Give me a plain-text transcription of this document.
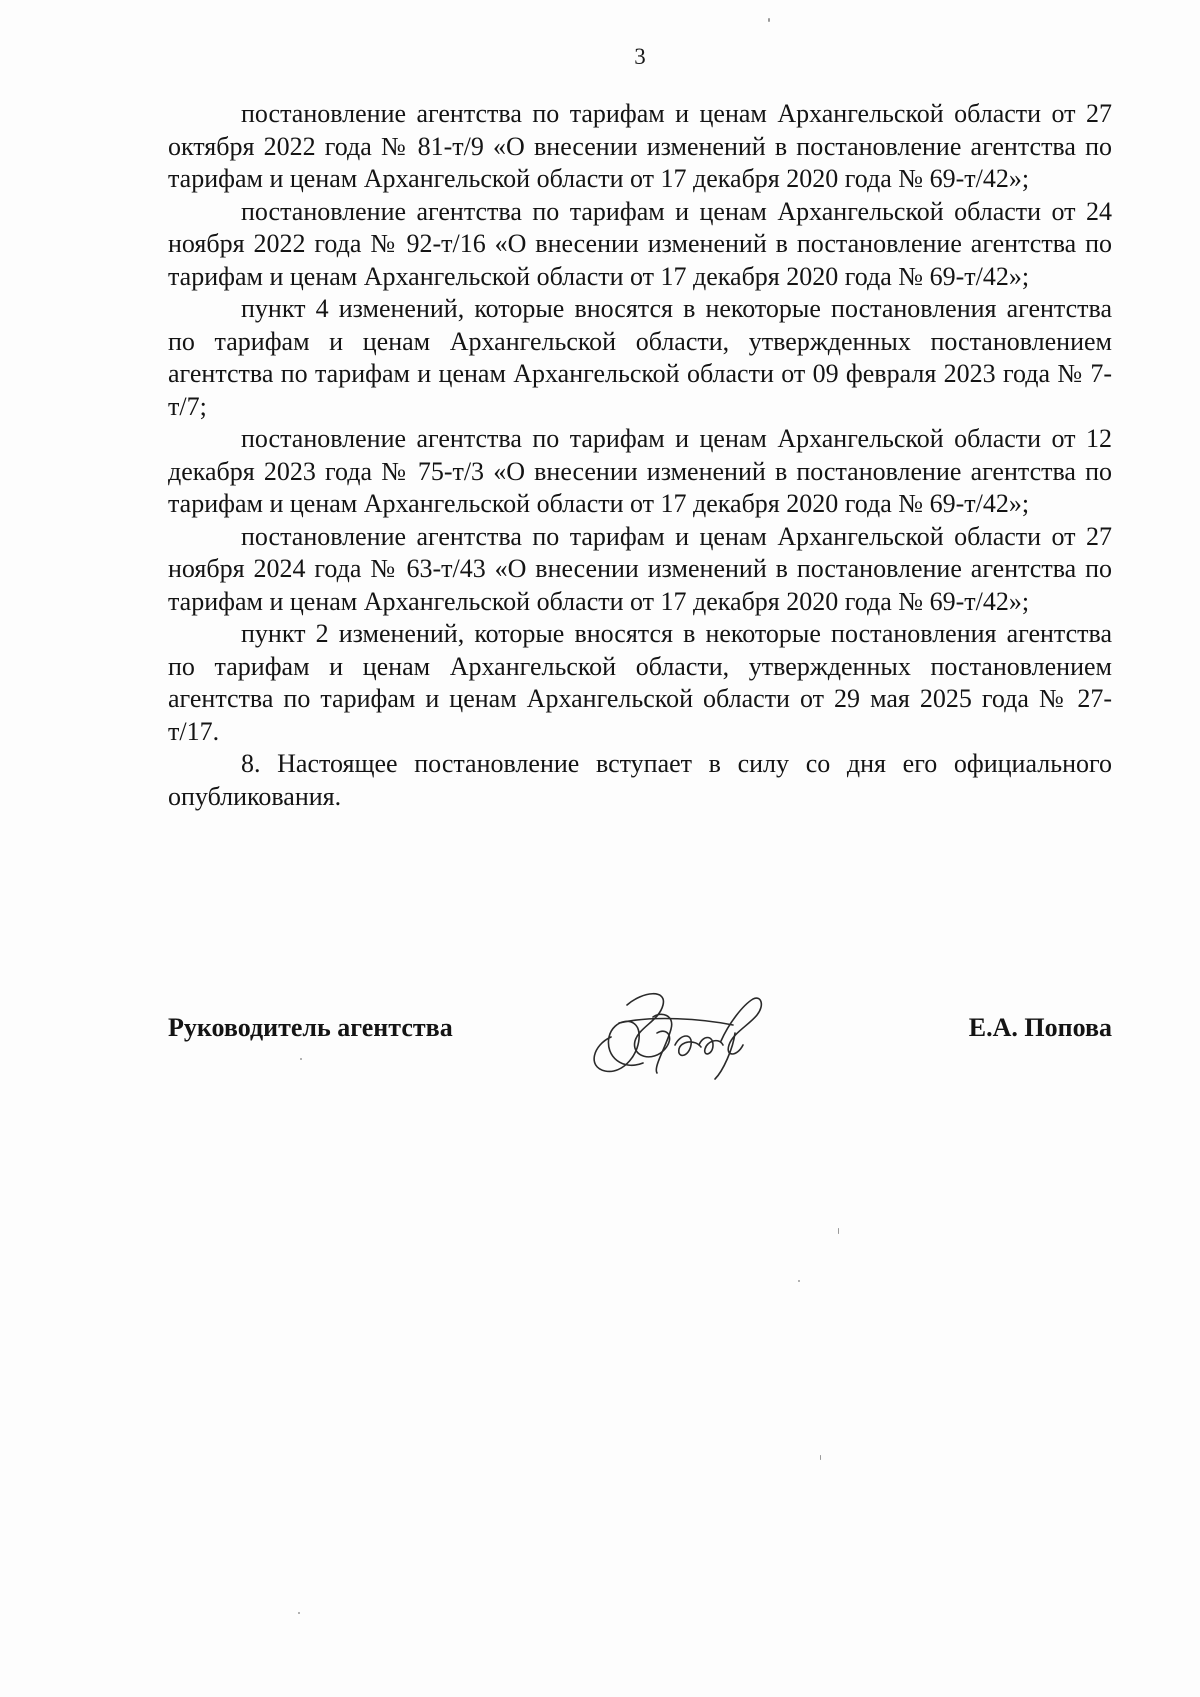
3

постановление агентства по тарифам и ценам Архангельской области от 27 октября 2022 года № 81-т/9 «О внесении изменений в постановление агентства по тарифам и ценам Архангельской области от 17 декабря 2020 года № 69-т/42»;

постановление агентства по тарифам и ценам Архангельской области от 24 ноября 2022 года № 92-т/16 «О внесении изменений в постановление агентства по тарифам и ценам Архангельской области от 17 декабря 2020 года № 69-т/42»;

пункт 4 изменений, которые вносятся в некоторые постановления агентства по тарифам и ценам Архангельской области, утвержденных постановлением агентства по тарифам и ценам Архангельской области от 09 февраля 2023 года № 7-т/7;

постановление агентства по тарифам и ценам Архангельской области от 12 декабря 2023 года № 75-т/3 «О внесении изменений в постановление агентства по тарифам и ценам Архангельской области от 17 декабря 2020 года № 69-т/42»;

постановление агентства по тарифам и ценам Архангельской области от 27 ноября 2024 года № 63-т/43 «О внесении изменений в постановление агентства по тарифам и ценам Архангельской области от 17 декабря 2020 года № 69-т/42»;

пункт 2 изменений, которые вносятся в некоторые постановления агентства по тарифам и ценам Архангельской области, утвержденных постановлением агентства по тарифам и ценам Архангельской области от 29 мая 2025 года № 27-т/17.

8. Настоящее постановление вступает в силу со дня его официального опубликования.

Руководитель агентства	Е.А. Попова
